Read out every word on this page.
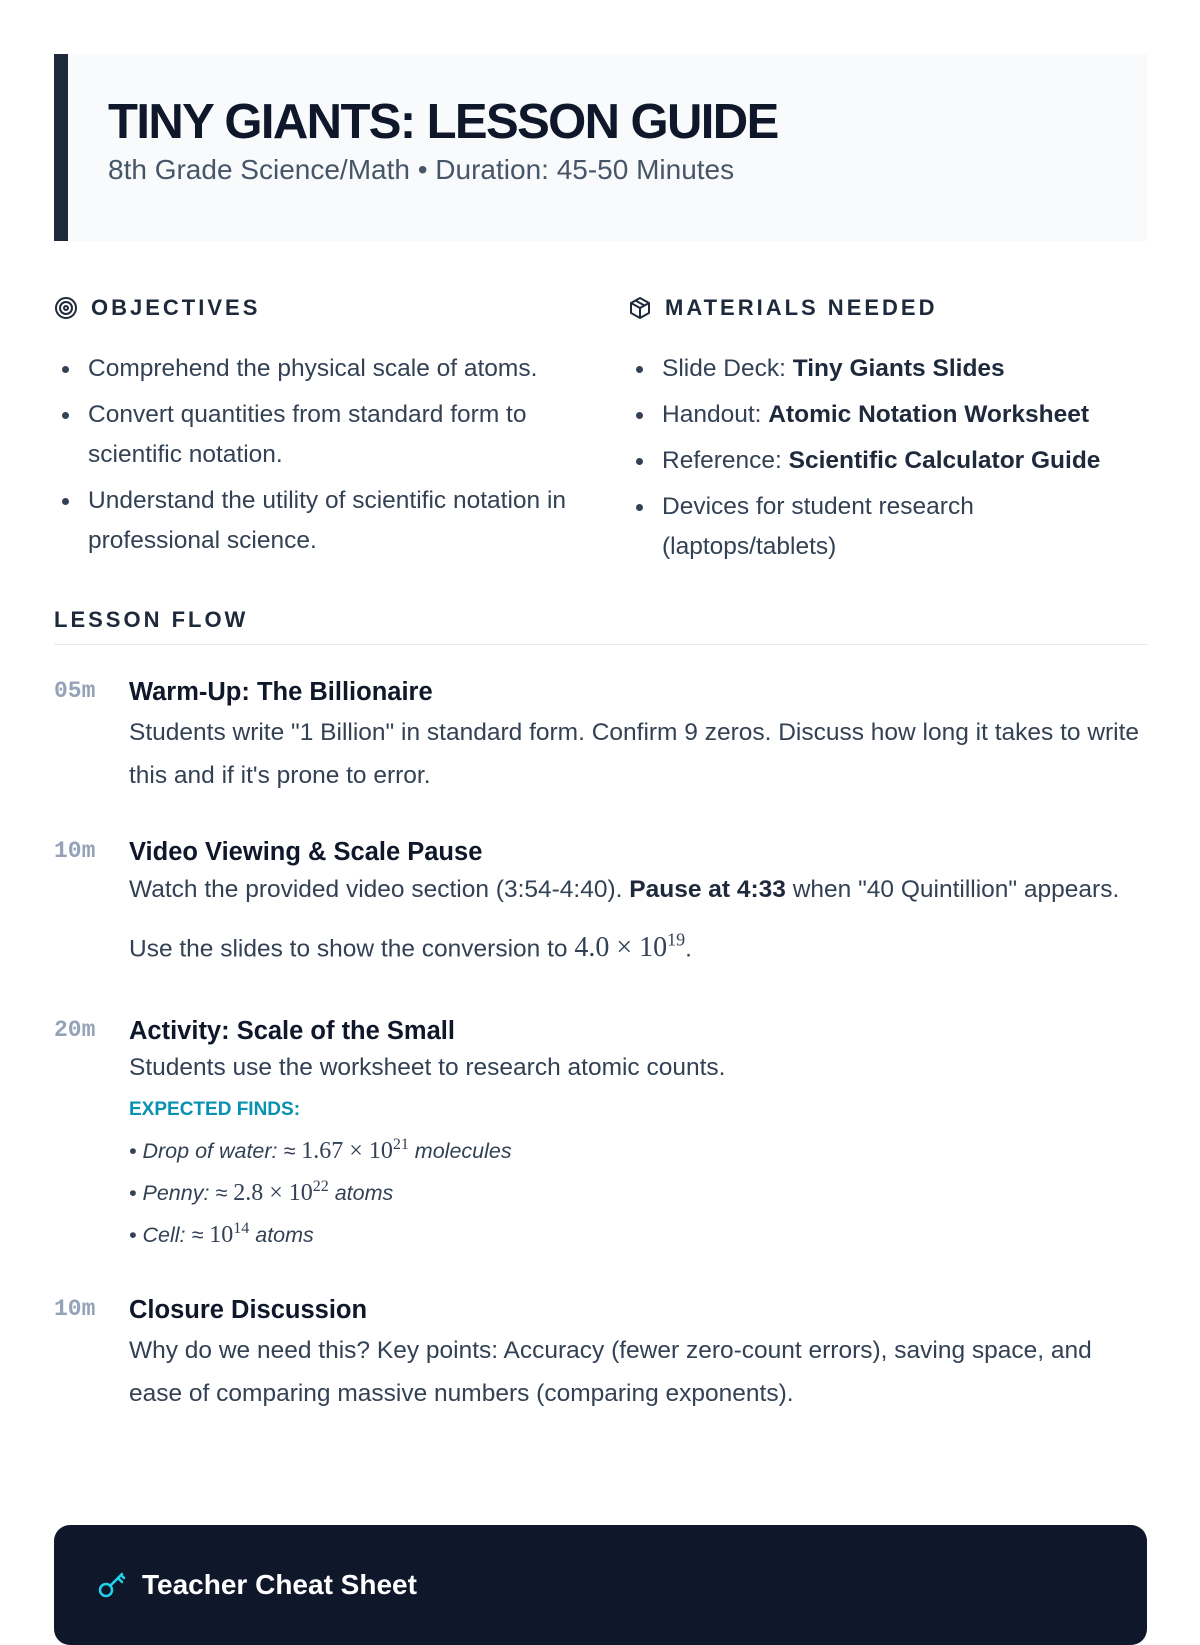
TINY GIANTS: LESSON GUIDE
8th Grade Science/Math • Duration: 45-50 Minutes
OBJECTIVES
Comprehend the physical scale of atoms.
Convert quantities from standard form to scientific notation.
Understand the utility of scientific notation in professional science.
MATERIALS NEEDED
Slide Deck: Tiny Giants Slides
Handout: Atomic Notation Worksheet
Reference: Scientific Calculator Guide
Devices for student research (laptops/tablets)
LESSON FLOW
05m Warm-Up: The Billionaire
Students write "1 Billion" in standard form. Confirm 9 zeros. Discuss how long it takes to write this and if it's prone to error.
10m Video Viewing & Scale Pause
Watch the provided video section (3:54-4:40). Pause at 4:33 when "40 Quintillion" appears. Use the slides to show the conversion to $4.0 \times 10^{19}$.
20m Activity: Scale of the Small
Students use the worksheet to research atomic counts.
EXPECTED FINDS:
• Drop of water: ≈ $1.67 \times 10^{21}$ molecules
• Penny: ≈ $2.8 \times 10^{22}$ atoms
• Cell: ≈ $10^{14}$ atoms
10m Closure Discussion
Why do we need this? Key points: Accuracy (fewer zero-count errors), saving space, and ease of comparing massive numbers (comparing exponents).
Teacher Cheat Sheet
